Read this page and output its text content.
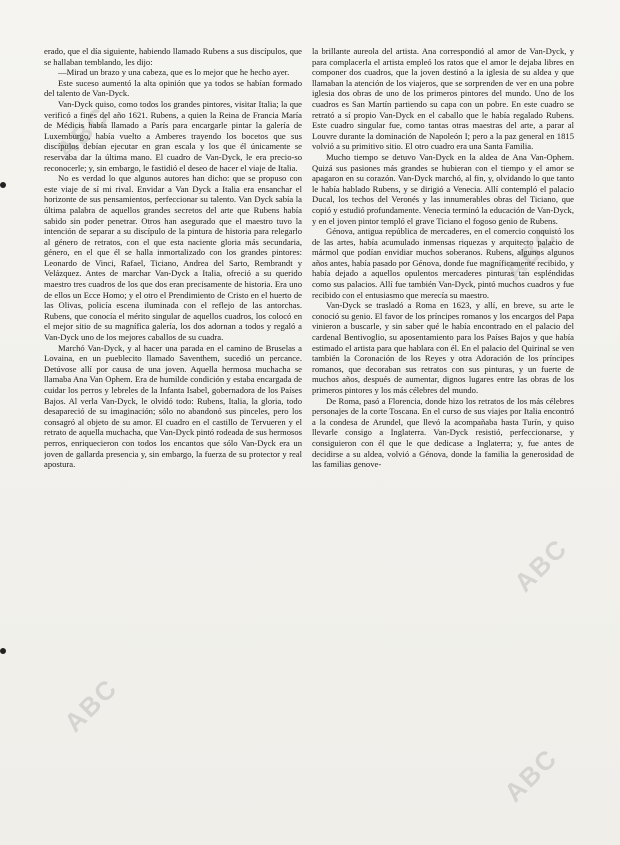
ABC
ABC
ABC
ABC
ABC

erado, que el día siguiente, habiendo llamado Rubens a sus discípulos, que se hallaban temblando, les dijo:

—Mirad un brazo y una cabeza, que es lo mejor que he hecho ayer.

Este suceso aumentó la alta opinión que ya todos se habían formado del talento de Van-Dyck.

Van-Dyck quiso, como todos los grandes pintores, visitar Italia; la que verificó a fines del año 1621. Rubens, a quien la Reina de Francia María de Médicis había llamado a París para encargarle pintar la galería de Luxemburgo, había vuelto a Amberes trayendo los bocetos que sus discípulos debían ejecutar en gran escala y los que él únicamente se reservaba dar la última mano. El cuadro de Van-Dyck, le era precio-so reconocerle; y, sin embargo, le fastidió el deseo de hacer el viaje de Italia.

No es verdad lo que algunos autores han dicho: que se propuso con este viaje de sí mi rival. Envidar a Van Dyck a Italia era ensanchar el horizonte de sus pensamientos, perfeccionar su talento. Van Dyck sabía la última palabra de aquellos grandes secretos del arte que Rubens había sabido sin poder penetrar. Otros han asegurado que el maestro tuvo la intención de separar a su discípulo de la pintura de historia para relegarlo al género de retratos, con el que esta naciente gloria más secundaria, género, en el que él se halla inmortalizado con los grandes pintores: Leonardo de Vinci, Rafael, Ticiano, Andrea del Sarto, Rembrandt y Velázquez. Antes de marchar Van-Dyck a Italia, ofreció a su querido maestro tres cuadros de los que dos eran precisamente de historia. Era uno de ellos un Ecce Homo; y el otro el Prendimiento de Cristo en el huerto de las Olivas, policía escena iluminada con el reflejo de las antorchas. Rubens, que conocía el mérito singular de aquellos cuadros, los colocó en el mejor sitio de su magnífica galería, los dos adornan a todos y regaló a Van-Dyck uno de los mejores caballos de su cuadra.

Marchó Van-Dyck, y al hacer una parada en el camino de Bruselas a Lovaina, en un pueblecito llamado Saventhem, sucedió un percance. Detúvose allí por causa de una joven. Aquella hermosa muchacha se llamaba Ana Van Ophem. Era de humilde condición y estaba encargada de cuidar los perros y lebreles de la Infanta Isabel, gobernadora de los Países Bajos. Al verla Van-Dyck, le olvidó todo: Rubens, Italia, la gloria, todo desapareció de su imaginación; sólo no abandonó sus pinceles, pero los consagró al objeto de su amor. El cuadro en el castillo de Tervueren y el retrato de aquella muchacha, que Van-Dyck pintó rodeada de sus hermosos perros, enriquecieron con todos los encantos que sólo Van-Dyck era un joven de gallarda presencia y, sin embargo, la fuerza de su protector y real apostura.

la brillante aureola del artista. Ana correspondió al amor de Van-Dyck, y para complacerla el artista empleó los ratos que el amor le dejaba libres en componer dos cuadros, que la joven destinó a la iglesia de su aldea y que llamaban la atención de los viajeros, que se sorprenden de ver en una pobre iglesia dos obras de uno de los primeros pintores del mundo. Uno de los cuadros es San Martín partiendo su capa con un pobre. En este cuadro se retrató a sí propio Van-Dyck en el caballo que le había regalado Rubens. Este cuadro singular fue, como tantas otras maestras del arte, a parar al Louvre durante la dominación de Napoleón I; pero a la paz general en 1815 volvió a su primitivo sitio. El otro cuadro era una Santa Familia.

Mucho tiempo se detuvo Van-Dyck en la aldea de Ana Van-Ophem. Quizá sus pasiones más grandes se hubieran con el tiempo y el amor se apagaron en su corazón. Van-Dyck marchó, al fin, y, olvidando lo que tanto le había hablado Rubens, y se dirigió a Venecia. Allí contempló el palacio Ducal, los techos del Veronés y las innumerables obras del Ticiano, que copió y estudió profundamente. Venecia terminó la educación de Van-Dyck, y en el joven pintor templó el grave Ticiano el fogoso genio de Rubens.

Génova, antigua república de mercaderes, en el comercio conquistó los de las artes, había acumulado inmensas riquezas y arquitecto palacio de mármol que podían envidiar muchos soberanos. Rubens, algunos algunos años antes, había pasado por Génova, donde fue magníficamente recibido, y había dejado a aquellos opulentos mercaderes pinturas tan espléndidas como sus palacios. Allí fue también Van-Dyck, pintó muchos cuadros y fue recibido con el entusiasmo que merecía su maestro.

Van-Dyck se trasladó a Roma en 1623, y allí, en breve, su arte le conoció su genio. El favor de los príncipes romanos y los encargos del Papa vinieron a buscarle, y sin saber qué le había encontrado en el palacio del cardenal Bentivoglio, su aposentamiento para los Países Bajos y que había estimado el artista para que hablara con él. En el palacio del Quirinal se ven también la Coronación de los Reyes y otra Adoración de los príncipes romanos, que decoraban sus retratos con sus pinturas, y un fuerte de muchos años, después de aumentar, dignos lugares entre las obras de los primeros pintores y los más célebres del mundo.

De Roma, pasó a Florencia, donde hizo los retratos de los más célebres personajes de la corte Toscana. En el curso de sus viajes por Italia encontró a la condesa de Arundel, que llevó la acompañaba hasta Turín, y quiso llevarle consigo a Inglaterra. Van-Dyck resistió, perfeccionarse, y consiguieron con él que le que dedicase a Inglaterra; y, fue antes de decidirse a su aldea, volvió a Génova, donde la familia la generosidad de las familias genove-
